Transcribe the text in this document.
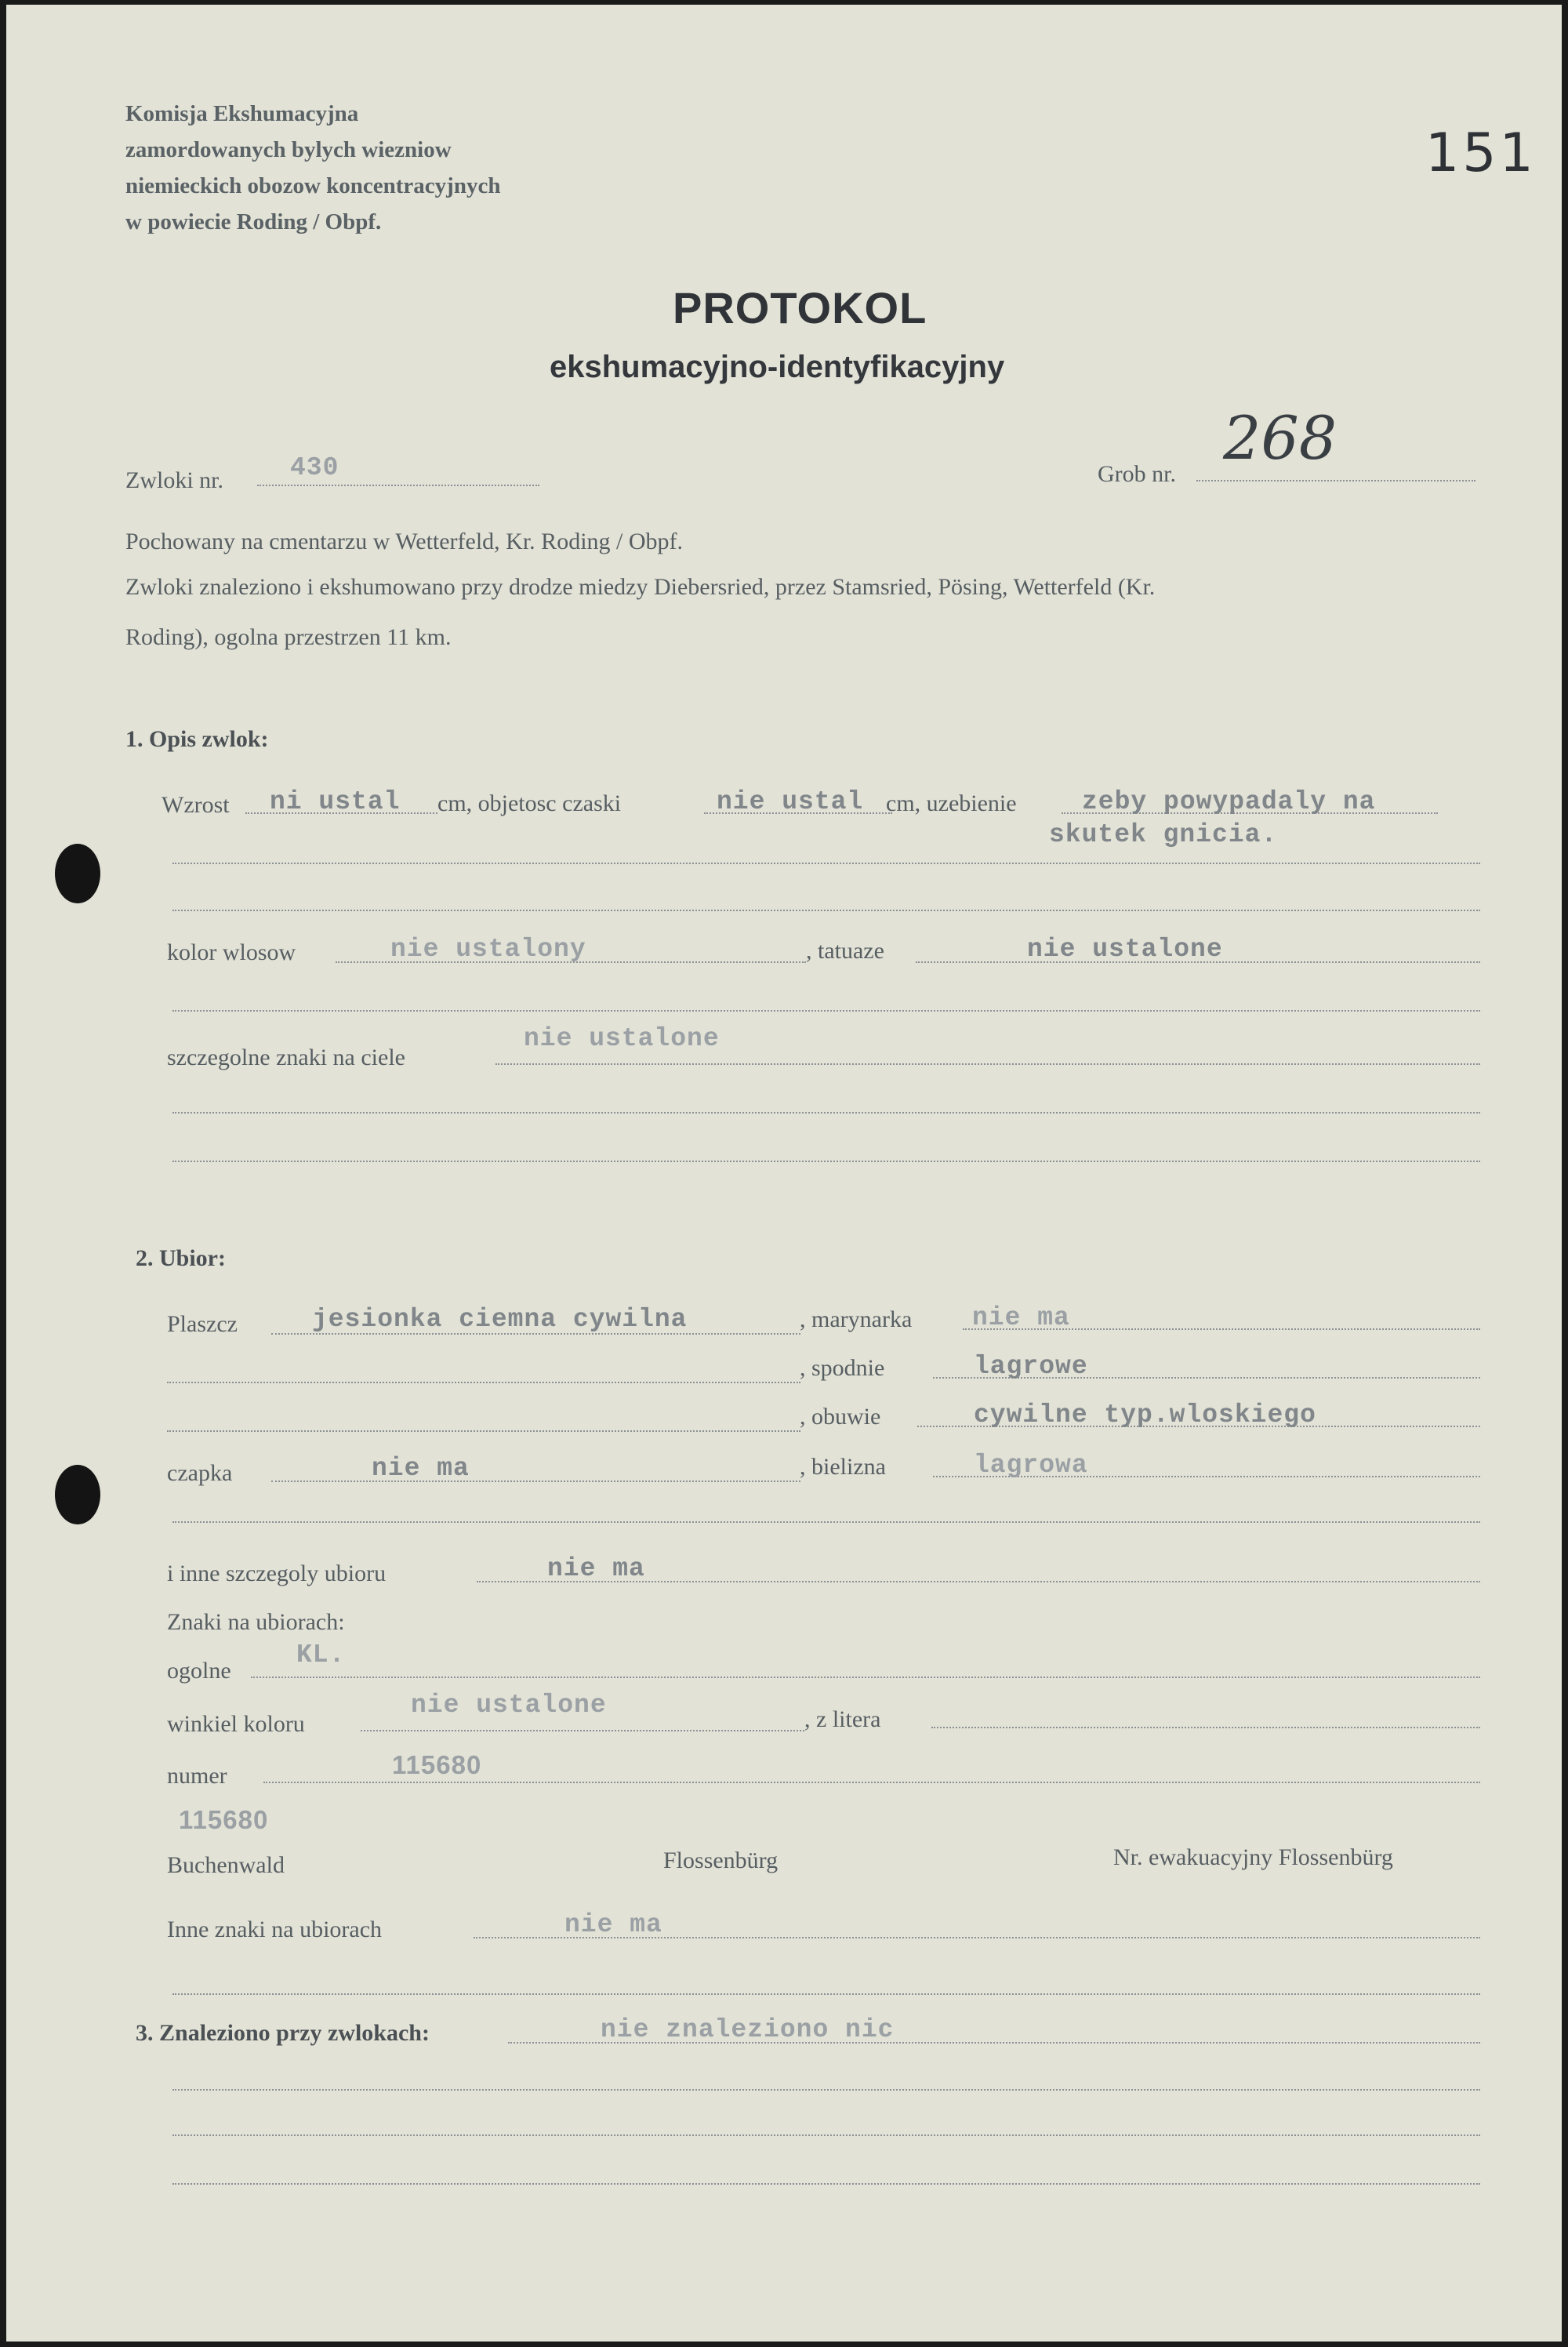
Komisja Ekshumacyjna
zamordowanych bylych wiezniow
niemieckich obozow koncentracyjnych
w powiecie Roding / Obpf.
151
PROTOKOL
ekshumacyjno-identyfikacyjny
Zwloki nr.	430	Grob nr.
268
Pochowany na cmentarzu w Wetterfeld, Kr. Roding / Obpf.
Zwloki znaleziono i ekshumowano przy drodze miedzy Diebersried, przez Stamsried, Pösing, Wetterfeld (Kr.
Roding), ogolna przestrzen 11 km.
1. Opis zwlok:
Wzrost ni ustal cm, objetosc czaski	nie ustal cm, uzebienie	zeby powypadaly na
skutek gnicia.
kolor wlosow	nie ustalony	, tatuaze	nie ustalone
szczegolne znaki na ciele
nie ustalone
2. Ubior:
Plaszcz	jesionka ciemna cywilna	, marynarka nie ma
, spodnie	lagrowe
, obuwie	cywilne typ.wloskiego
czapka	nie ma	, bielizna	lagrowa
i inne szczegoly ubioru	nie ma
Znaki na ubiorach:
ogolne
KL.
winkiel koloru
nie ustalone	, z litera
numer	115680
115680
Buchenwald	Flossenbürg	Nr. ewakuacyjny Flossenbürg
Inne znaki na ubiorach	nie ma
3. Znaleziono przy zwlokach:	nie znaleziono nic
